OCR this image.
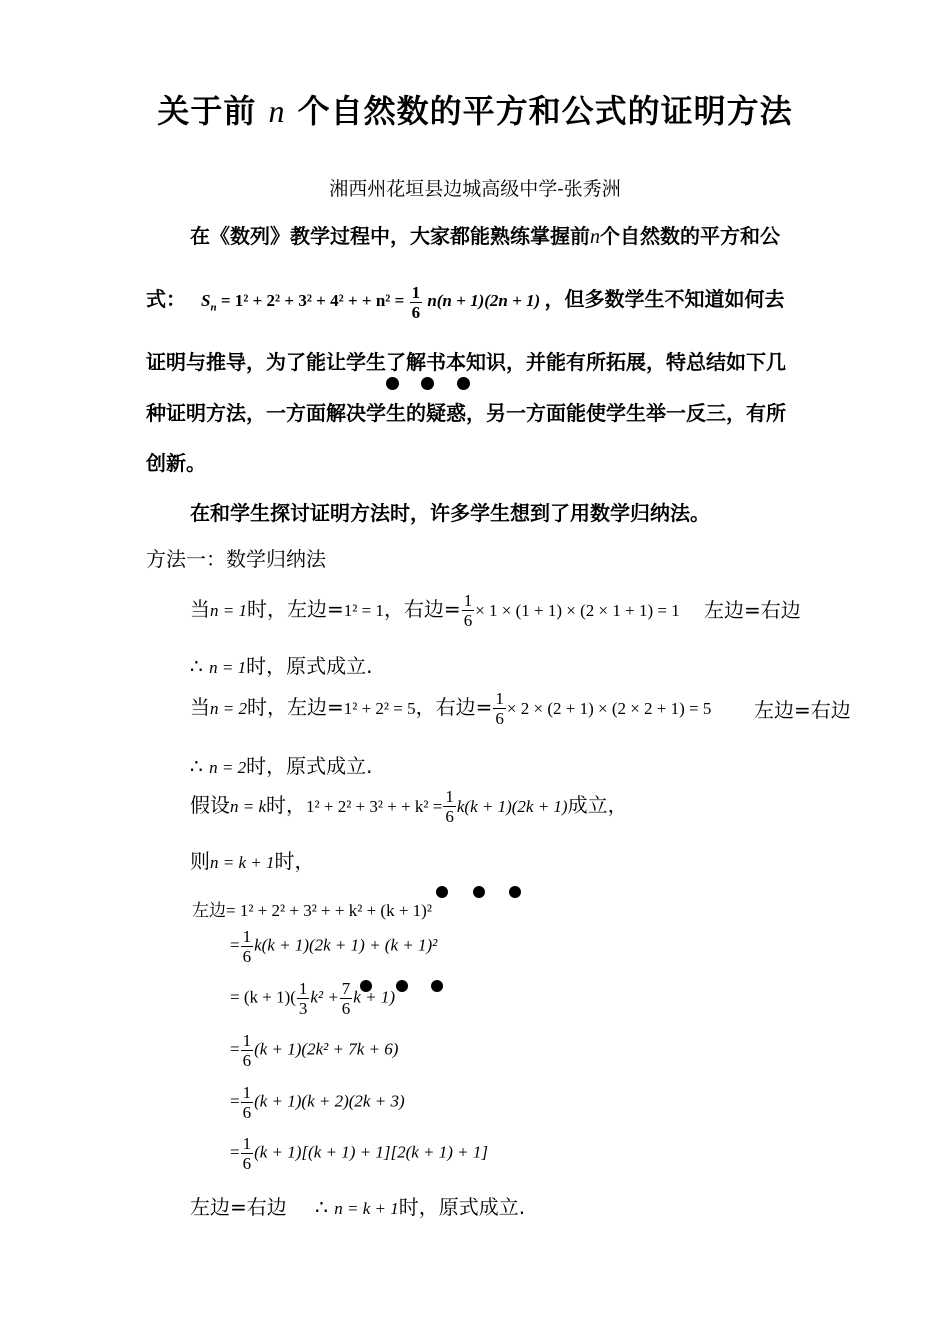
关于前 n 个自然数的平方和公式的证明方法
湘西州花垣县边城高级中学-张秀洲
在《数列》教学过程中，大家都能熟练掌握前n个自然数的平方和公
式： $S_n = 1^2 + 2^2 + 3^2 + 4^2$ + + $n^2 = \frac{1}{6} n(n + 1)(2n + 1)$ ，但多数学生不知道如何去
证明与推导，为了能让学生了解书本知识，并能有所拓展，特总结如下几
种证明方法，一方面解决学生的疑惑，另一方面能使学生举一反三，有所
创新。
在和学生探讨证明方法时，许多学生想到了用数学归纳法。
方法一：数学归纳法
当n = 1时，左边=1² = 1，右边= $\frac{1}{6} \times 1 \times (1 + 1) \times (2 \times 1 + 1) = 1$ 左边=右边
∴ n = 1时，原式成立.
当n = 2时，左边=1² + 2² = 5，右边= $\frac{1}{6} \times 2 \times (2 + 1) \times (2 \times 2 + 1) = 5$ 左边=右边
∴ n = 2时，原式成立.
假设n = k时，1² + 2² + 3² + + $k^2 = \frac{1}{6} k(k + 1)(2k + 1)$成立，
则n = k + 1时，
左边= 1² + 2² + 3² + + k² + (k + 1)²
= $\frac{1}{6} k(k + 1)(2k + 1) + (k + 1)^2$
= $(k + 1)( \frac{1}{3} k^2 + \frac{7}{6}$ k + 1)
= $\frac{1}{6} (k + 1)(2k^2 + 7k + 6)$
= $\frac{1}{6} (k + 1)(k + 2)(2k + 3)$
= $\frac{1}{6} (k + 1)[(k + 1) + 1][2(k + 1) + 1]$
左边=右边 ∴ n = k + 1时，原式成立.
